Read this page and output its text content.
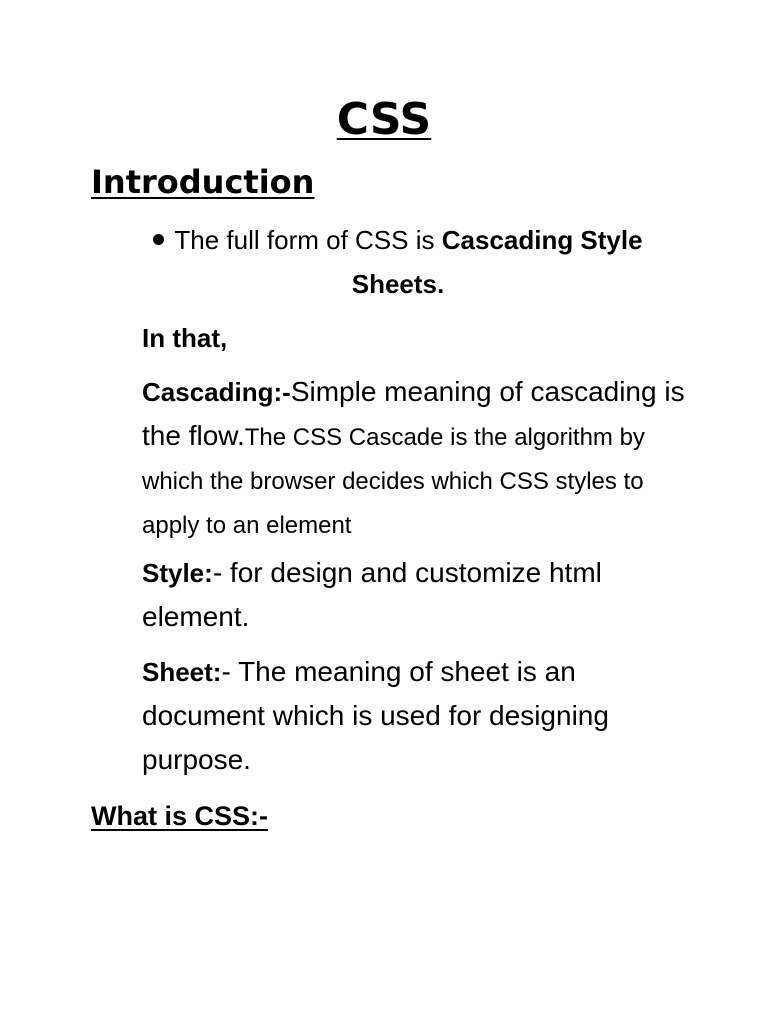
CSS
Introduction
The full form of CSS is Cascading Style Sheets.
In that,
Cascading:-Simple meaning of cascading is the flow.The CSS Cascade is the algorithm by which the browser decides which CSS styles to apply to an element
Style:- for design and customize html element.
Sheet:- The meaning of sheet is an document which is used for designing purpose.
What is CSS:-
